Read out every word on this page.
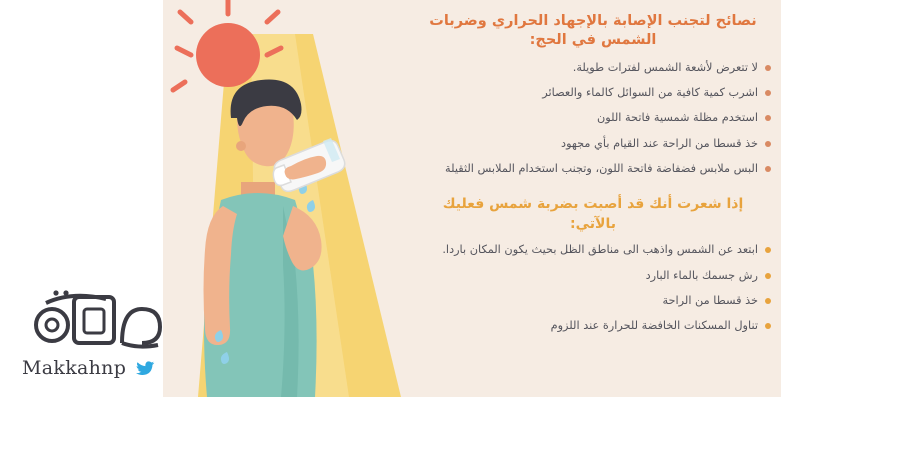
نصائح لتجنب الإصابة بالإجهاد الحراري وضربات الشمس في الحج:
لا تتعرض لأشعة الشمس لفترات طويلة.
اشرب كمية كافية من السوائل كالماء والعصائر
استخدم مظلة شمسية فاتحة اللون
خذ قسطا من الراحة عند القيام بأي مجهود
البس ملابس فضفاضة فاتحة اللون، وتجنب استخدام الملابس الثقيلة
إذا شعرت أنك قد أصبت بضربة شمس فعليك بالآتي:
ابتعد عن الشمس واذهب الى مناطق الظل بحيث يكون المكان باردا.
رش جسمك بالماء البارد
خذ قسطا من الراحة
تناول المسكنات الخافضة للحرارة عند اللزوم
Makkahnp
